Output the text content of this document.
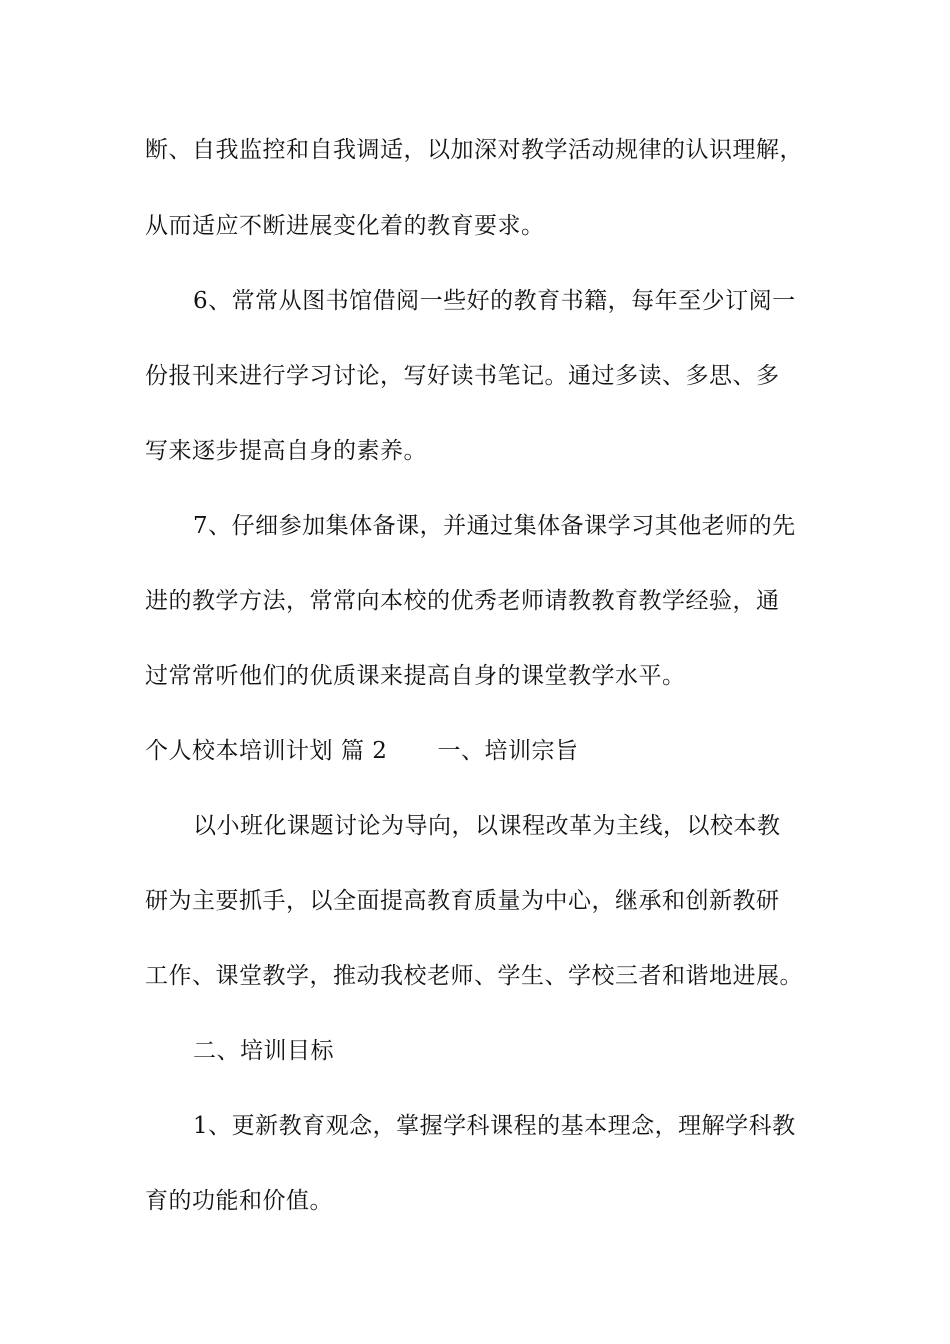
断、自我监控和自我调适，以加深对教学活动规律的认识理解，
从而适应不断进展变化着的教育要求。
6、常常从图书馆借阅一些好的教育书籍，每年至少订阅一
份报刊来进行学习讨论，写好读书笔记。通过多读、多思、多
写来逐步提高自身的素养。
7、仔细参加集体备课，并通过集体备课学习其他老师的先
进的教学方法，常常向本校的优秀老师请教教育教学经验，通
过常常听他们的优质课来提高自身的课堂教学水平。
个人校本培训计划 篇 2 一、培训宗旨
以小班化课题讨论为导向，以课程改革为主线，以校本教
研为主要抓手，以全面提高教育质量为中心，继承和创新教研
工作、课堂教学，推动我校老师、学生、学校三者和谐地进展。
二、培训目标
1、更新教育观念，掌握学科课程的基本理念，理解学科教
育的功能和价值。
